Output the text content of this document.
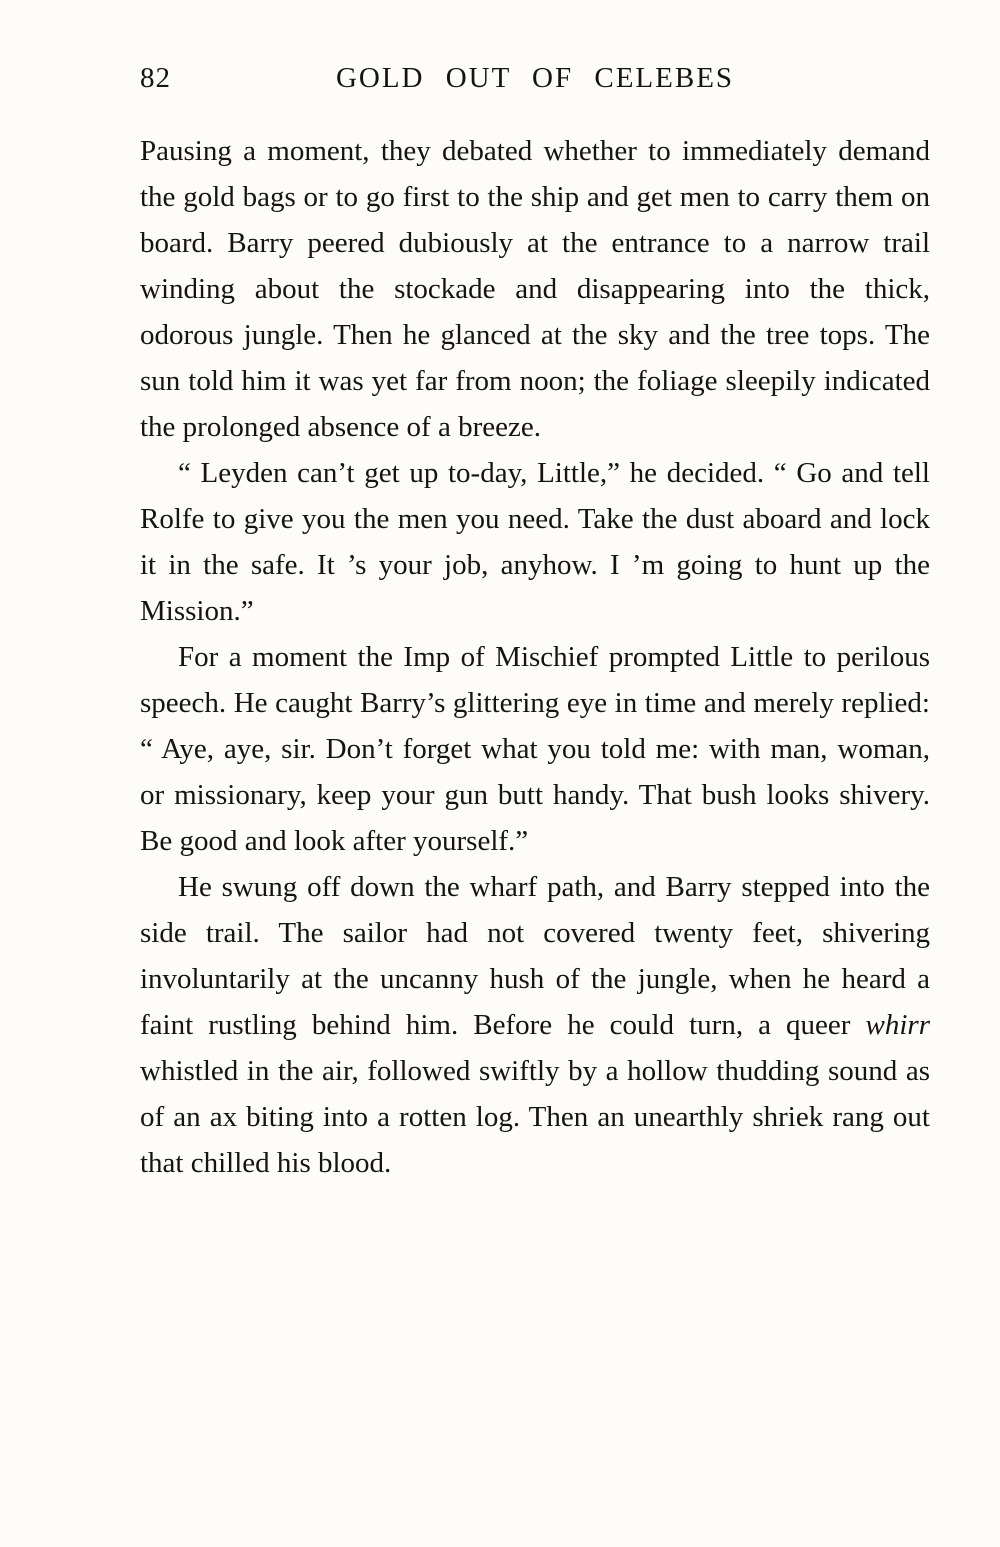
82	GOLD OUT OF CELEBES

Pausing a moment, they debated whether to immediately demand the gold bags or to go first to the ship and get men to carry them on board. Barry peered dubiously at the entrance to a narrow trail winding about the stockade and disappearing into the thick, odorous jungle. Then he glanced at the sky and the tree tops. The sun told him it was yet far from noon; the foliage sleepily indicated the prolonged absence of a breeze.

“ Leyden can’t get up to-day, Little,” he decided. “ Go and tell Rolfe to give you the men you need. Take the dust aboard and lock it in the safe. It ’s your job, anyhow. I ’m going to hunt up the Mission.”

For a moment the Imp of Mischief prompted Little to perilous speech. He caught Barry’s glittering eye in time and merely replied: “ Aye, aye, sir. Don’t forget what you told me: with man, woman, or missionary, keep your gun butt handy. That bush looks shivery. Be good and look after yourself.”

He swung off down the wharf path, and Barry stepped into the side trail. The sailor had not covered twenty feet, shivering involuntarily at the uncanny hush of the jungle, when he heard a faint rustling behind him. Before he could turn, a queer whirr whistled in the air, followed swiftly by a hollow thudding sound as of an ax biting into a rotten log. Then an unearthly shriek rang out that chilled his blood.
